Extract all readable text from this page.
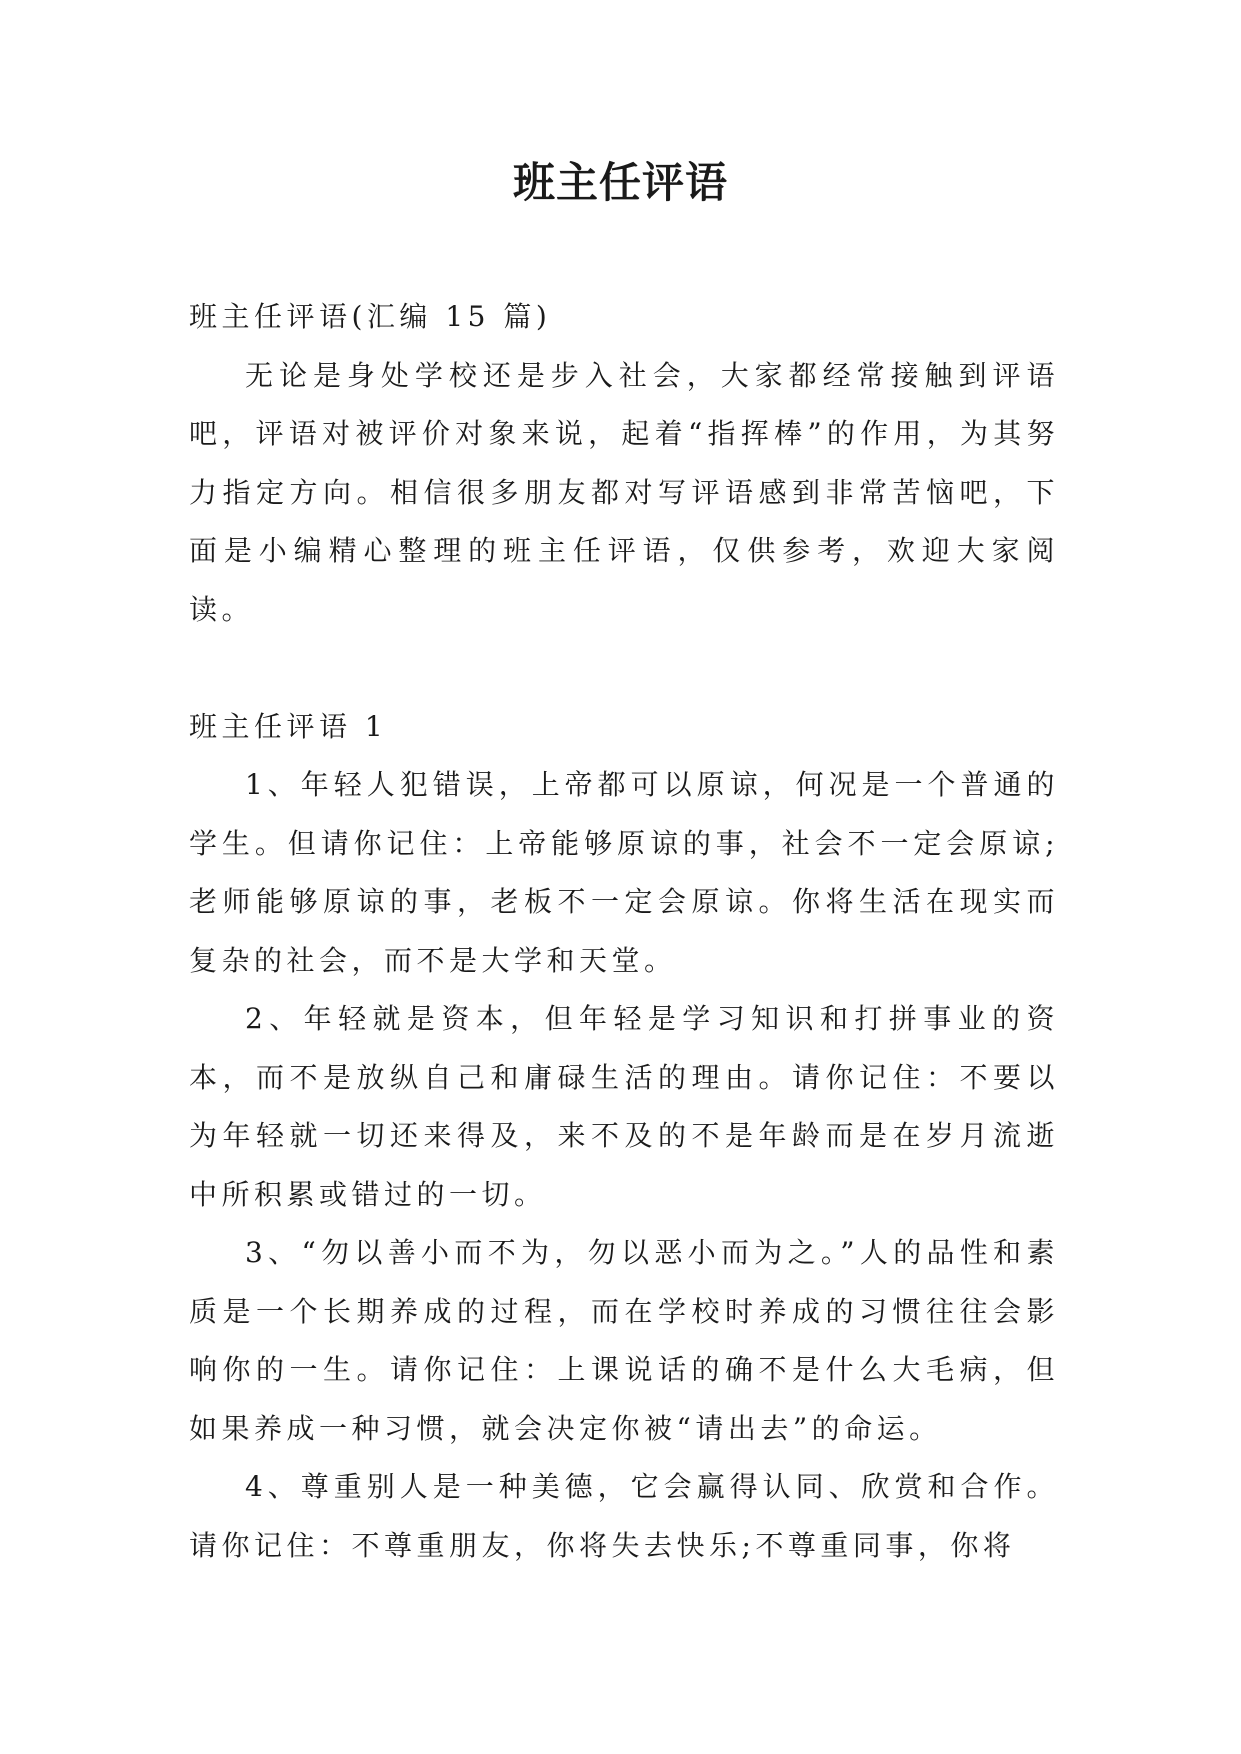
班主任评语

班主任评语(汇编 15 篇)

无论是身处学校还是步入社会，大家都经常接触到评语吧，评语对被评价对象来说，起着“指挥棒”的作用，为其努力指定方向。相信很多朋友都对写评语感到非常苦恼吧，下面是小编精心整理的班主任评语，仅供参考，欢迎大家阅读。

班主任评语 1

1、年轻人犯错误，上帝都可以原谅，何况是一个普通的学生。但请你记住：上帝能够原谅的事，社会不一定会原谅;老师能够原谅的事，老板不一定会原谅。你将生活在现实而复杂的社会，而不是大学和天堂。

2、年轻就是资本，但年轻是学习知识和打拼事业的资本，而不是放纵自己和庸碌生活的理由。请你记住：不要以为年轻就一切还来得及，来不及的不是年龄而是在岁月流逝中所积累或错过的一切。

3、“勿以善小而不为，勿以恶小而为之。”人的品性和素质是一个长期养成的过程，而在学校时养成的习惯往往会影响你的一生。请你记住：上课说话的确不是什么大毛病，但如果养成一种习惯，就会决定你被“请出去”的命运。

4、尊重别人是一种美德，它会赢得认同、欣赏和合作。请你记住：不尊重朋友，你将失去快乐;不尊重同事，你将
